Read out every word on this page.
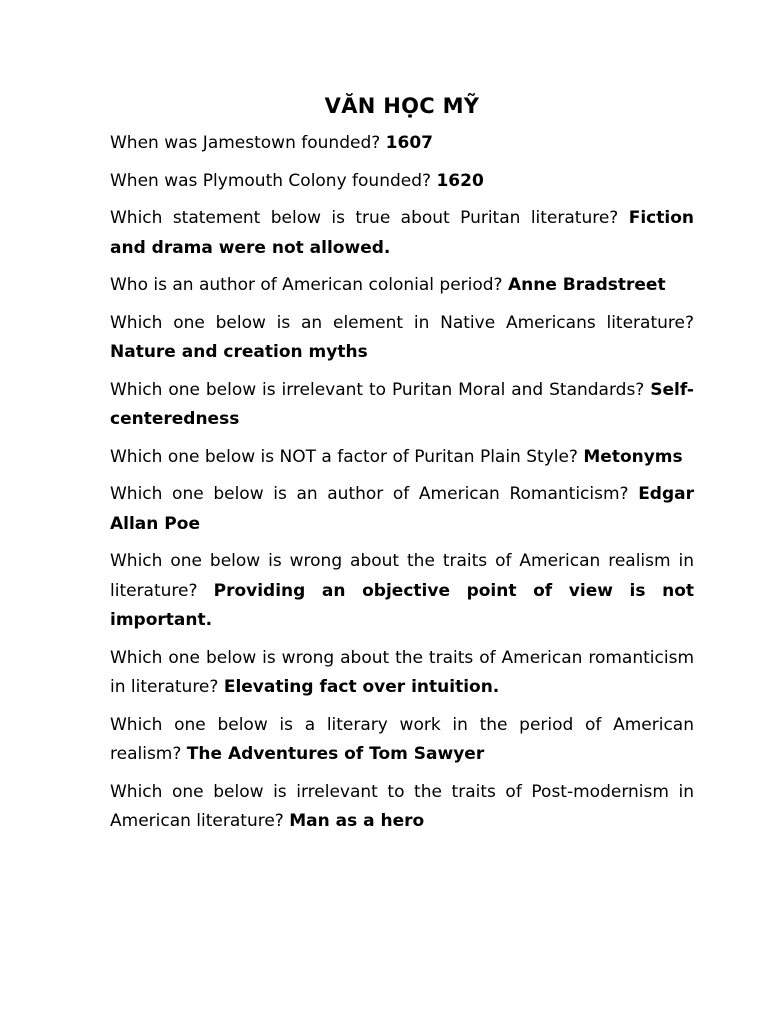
VĂN HỌC MỸ

When was Jamestown founded? 1607

When was Plymouth Colony founded? 1620

Which statement below is true about Puritan literature? Fiction and drama were not allowed.

Who is an author of American colonial period? Anne Bradstreet

Which one below is an element in Native Americans literature? Nature and creation myths

Which one below is irrelevant to Puritan Moral and Standards? Self-centeredness

Which one below is NOT a factor of Puritan Plain Style? Metonyms

Which one below is an author of American Romanticism? Edgar Allan Poe

Which one below is wrong about the traits of American realism in literature? Providing an objective point of view is not important.

Which one below is wrong about the traits of American romanticism in literature? Elevating fact over intuition.

Which one below is a literary work in the period of American realism? The Adventures of Tom Sawyer

Which one below is irrelevant to the traits of Post-modernism in American literature? Man as a hero
